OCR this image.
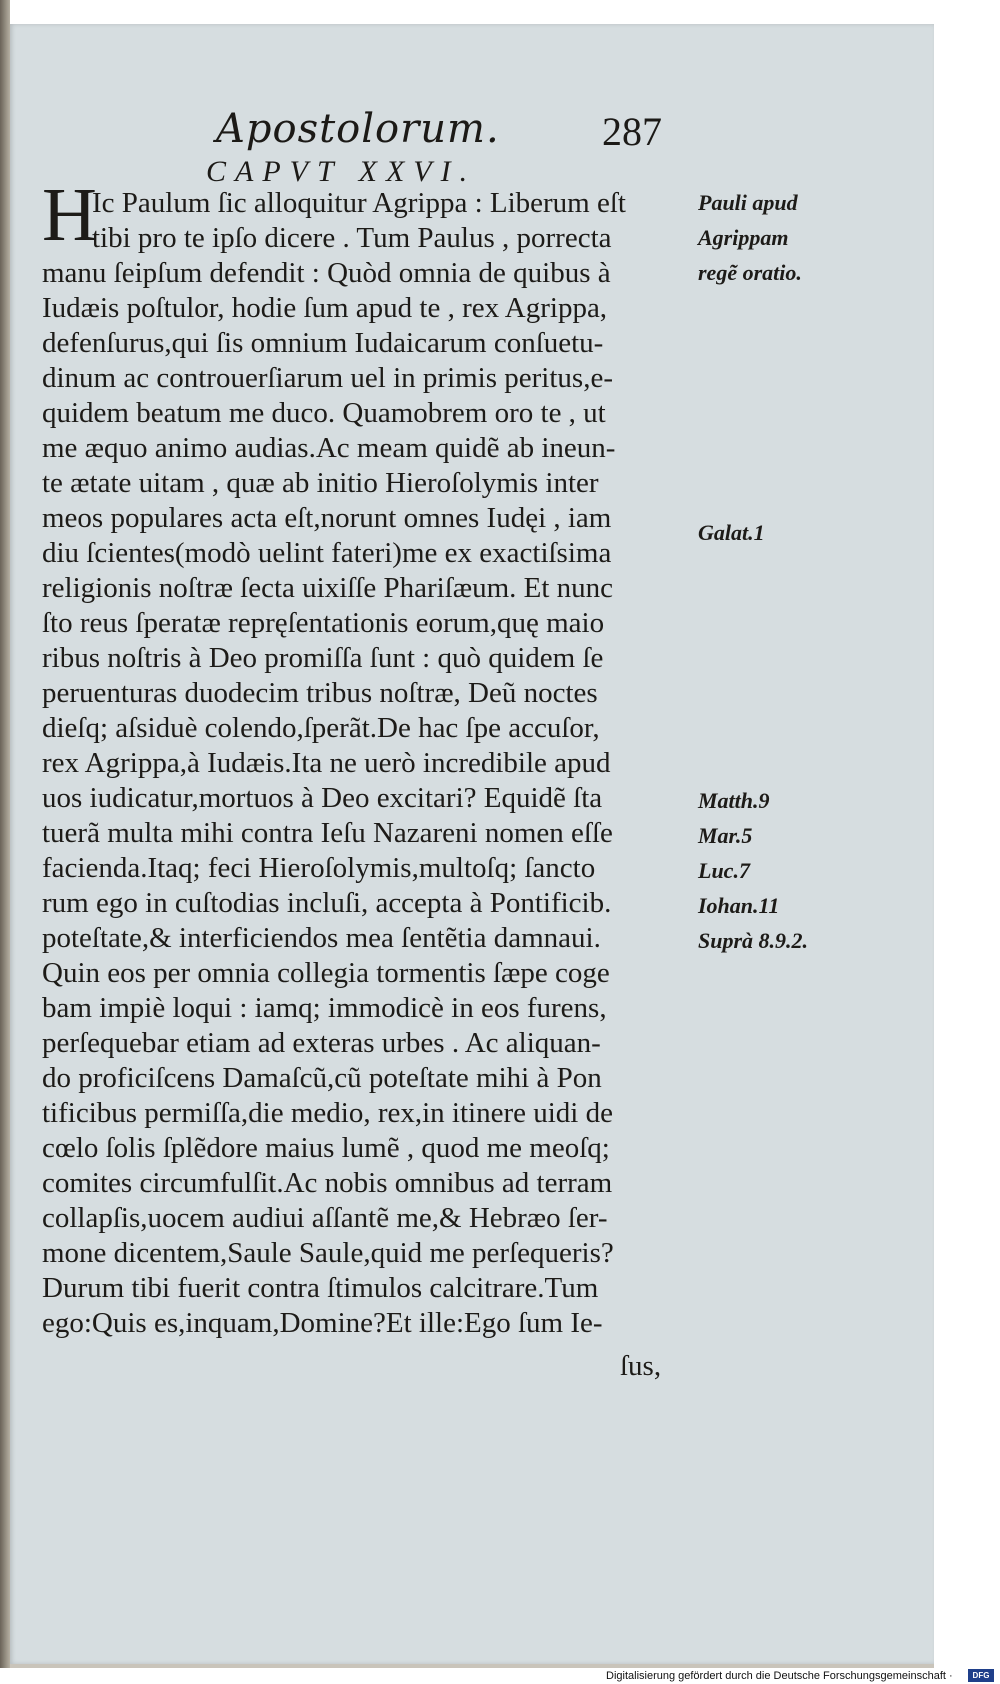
Apostolorum.	287
CAPVT XXVI.
H
Ic Paulum ſic alloquitur Agrippa : Liberum eſt
tibi pro te ipſo dicere . Tum Paulus , porrecta
manu ſeipſum defendit : Quòd omnia de quibus à
Iudæis poſtulor, hodie ſum apud te , rex Agrippa,
defenſurus,qui ſis omnium Iudaicarum conſuetu-
dinum ac controuerſiarum uel in primis peritus,e-
quidem beatum me duco. Quamobrem oro te , ut
me æquo animo audias.Ac meam quidẽ ab ineun-
te ætate uitam , quæ ab initio Hieroſolymis inter
meos populares acta eſt,norunt omnes Iudęi , iam
diu ſcientes(modò uelint fateri)me ex exactiſsima
religionis noſtræ ſecta uixiſſe Phariſæum. Et nunc
ſto reus ſperatæ repręſentationis eorum,quę maio
ribus noſtris à Deo promiſſa ſunt : quò quidem ſe
peruenturas duodecim tribus noſtræ, Deũ noctes
dieſq; aſsiduè colendo,ſperãt.De hac ſpe accuſor,
rex Agrippa,à Iudæis.Ita ne uerò incredibile apud
uos iudicatur,mortuos à Deo excitari? Equidẽ ſta
tuerã multa mihi contra Ieſu Nazareni nomen eſſe
facienda.Itaq; feci Hieroſolymis,multoſq; ſancto
rum ego in cuſtodias incluſi, accepta à Pontificib.
poteſtate,& interficiendos mea ſentẽtia damnaui.
Quin eos per omnia collegia tormentis ſæpe coge
bam impiè loqui : iamq; immodicè in eos furens,
perſequebar etiam ad exteras urbes . Ac aliquan-
do proficiſcens Damaſcũ,cũ poteſtate mihi à Pon
tificibus permiſſa,die medio, rex,in itinere uidi de
cœlo ſolis ſplẽdore maius lumẽ , quod me meoſq;
comites circumfulſit.Ac nobis omnibus ad terram
collapſis,uocem audiui aſſantẽ me,& Hebræo ſer-
mone dicentem,Saule Saule,quid me perſequeris?
Durum tibi fuerit contra ſtimulos calcitrare.Tum
ego:Quis es,inquam,Domine?Et ille:Ego ſum Ie-
ſus,
Pauli apud
Agrippam
regẽ oratio.
Galat.1
Matth.9
Mar.5
Luc.7
Iohan.11
Suprà 8.9.2.
Digitalisierung gefördert durch die Deutsche Forschungsgemeinschaft ·	DFG
